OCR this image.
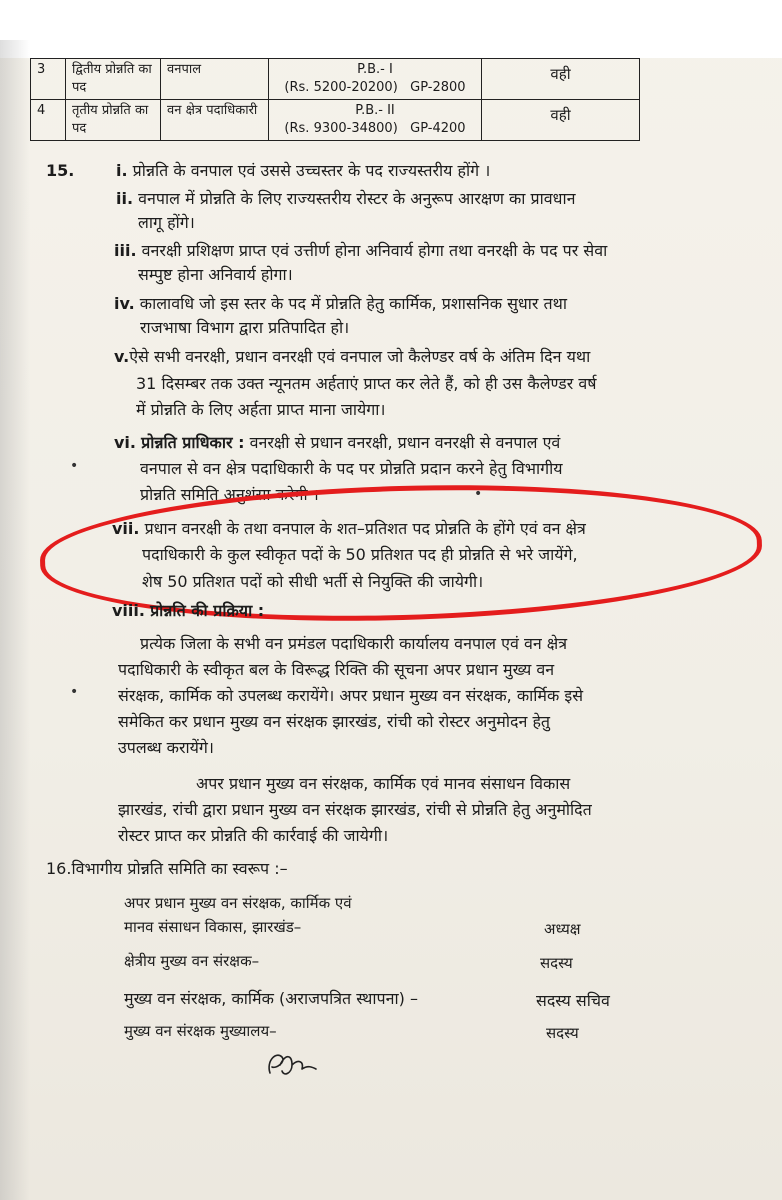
3	द्वितीय प्रोन्नति का पद	वनपाल	P.B.- I
(Rs. 5200-20200) GP-2800	वही
4	तृतीय प्रोन्नति का पद	वन क्षेत्र पदाधिकारी	P.B.- II
(Rs. 9300-34800) GP-4200	वही
15.	i. प्रोन्नति के वनपाल एवं उससे उच्चस्तर के पद राज्यस्तरीय होंगे ।
ii. वनपाल में प्रोन्नति के लिए राज्यस्तरीय रोस्टर के अनुरूप आरक्षण का प्रावधान
लागू होंगे।
iii. वनरक्षी प्रशिक्षण प्राप्त एवं उत्तीर्ण होना अनिवार्य होगा तथा वनरक्षी के पद पर सेवा
सम्पुष्ट होना अनिवार्य होगा।
iv. कालावधि जो इस स्तर के पद में प्रोन्नति हेतु कार्मिक, प्रशासनिक सुधार तथा
राजभाषा विभाग द्वारा प्रतिपादित हो।
v.ऐसे सभी वनरक्षी, प्रधान वनरक्षी एवं वनपाल जो कैलेण्डर वर्ष के अंतिम दिन यथा
31 दिसम्बर तक उक्त न्यूनतम अर्हताएं प्राप्त कर लेते हैं, को ही उस कैलेण्डर वर्ष
में प्रोन्नति के लिए अर्हता प्राप्त माना जायेगा।
vi. प्रोन्नति प्राधिकार : वनरक्षी से प्रधान वनरक्षी, प्रधान वनरक्षी से वनपाल एवं
वनपाल से वन क्षेत्र पदाधिकारी के पद पर प्रोन्नति प्रदान करने हेतु विभागीय
प्रोन्नति समिति अनुशंसा करेगी ।
vii. प्रधान वनरक्षी के तथा वनपाल के शत–प्रतिशत पद प्रोन्नति के होंगे एवं वन क्षेत्र
पदाधिकारी के कुल स्वीकृत पदों के 50 प्रतिशत पद ही प्रोन्नति से भरे जायेंगे,
शेष 50 प्रतिशत पदों को सीधी भर्ती से नियुक्ति की जायेगी।
viii. प्रोन्नति की प्रक्रिया :
प्रत्येक जिला के सभी वन प्रमंडल पदाधिकारी कार्यालय वनपाल एवं वन क्षेत्र
पदाधिकारी के स्वीकृत बल के विरूद्ध रिक्ति की सूचना अपर प्रधान मुख्य वन
संरक्षक, कार्मिक को उपलब्ध करायेंगे। अपर प्रधान मुख्य वन संरक्षक, कार्मिक इसे
समेकित कर प्रधान मुख्य वन संरक्षक झारखंड, रांची को रोस्टर अनुमोदन हेतु
उपलब्ध करायेंगे।
अपर प्रधान मुख्य वन संरक्षक, कार्मिक एवं मानव संसाधन विकास
झारखंड, रांची द्वारा प्रधान मुख्य वन संरक्षक झारखंड, रांची से प्रोन्नति हेतु अनुमोदित
रोस्टर प्राप्त कर प्रोन्नति की कार्रवाई की जायेगी।
16.विभागीय प्रोन्नति समिति का स्वरूप :–
अपर प्रधान मुख्य वन संरक्षक, कार्मिक एवं
मानव संसाधन विकास, झारखंड–	अध्यक्ष
क्षेत्रीय मुख्य वन संरक्षक–	सदस्य
मुख्य वन संरक्षक, कार्मिक (अराजपत्रित स्थापना) –	सदस्य सचिव
मुख्य वन संरक्षक मुख्यालय–	सदस्य
•
•
•
